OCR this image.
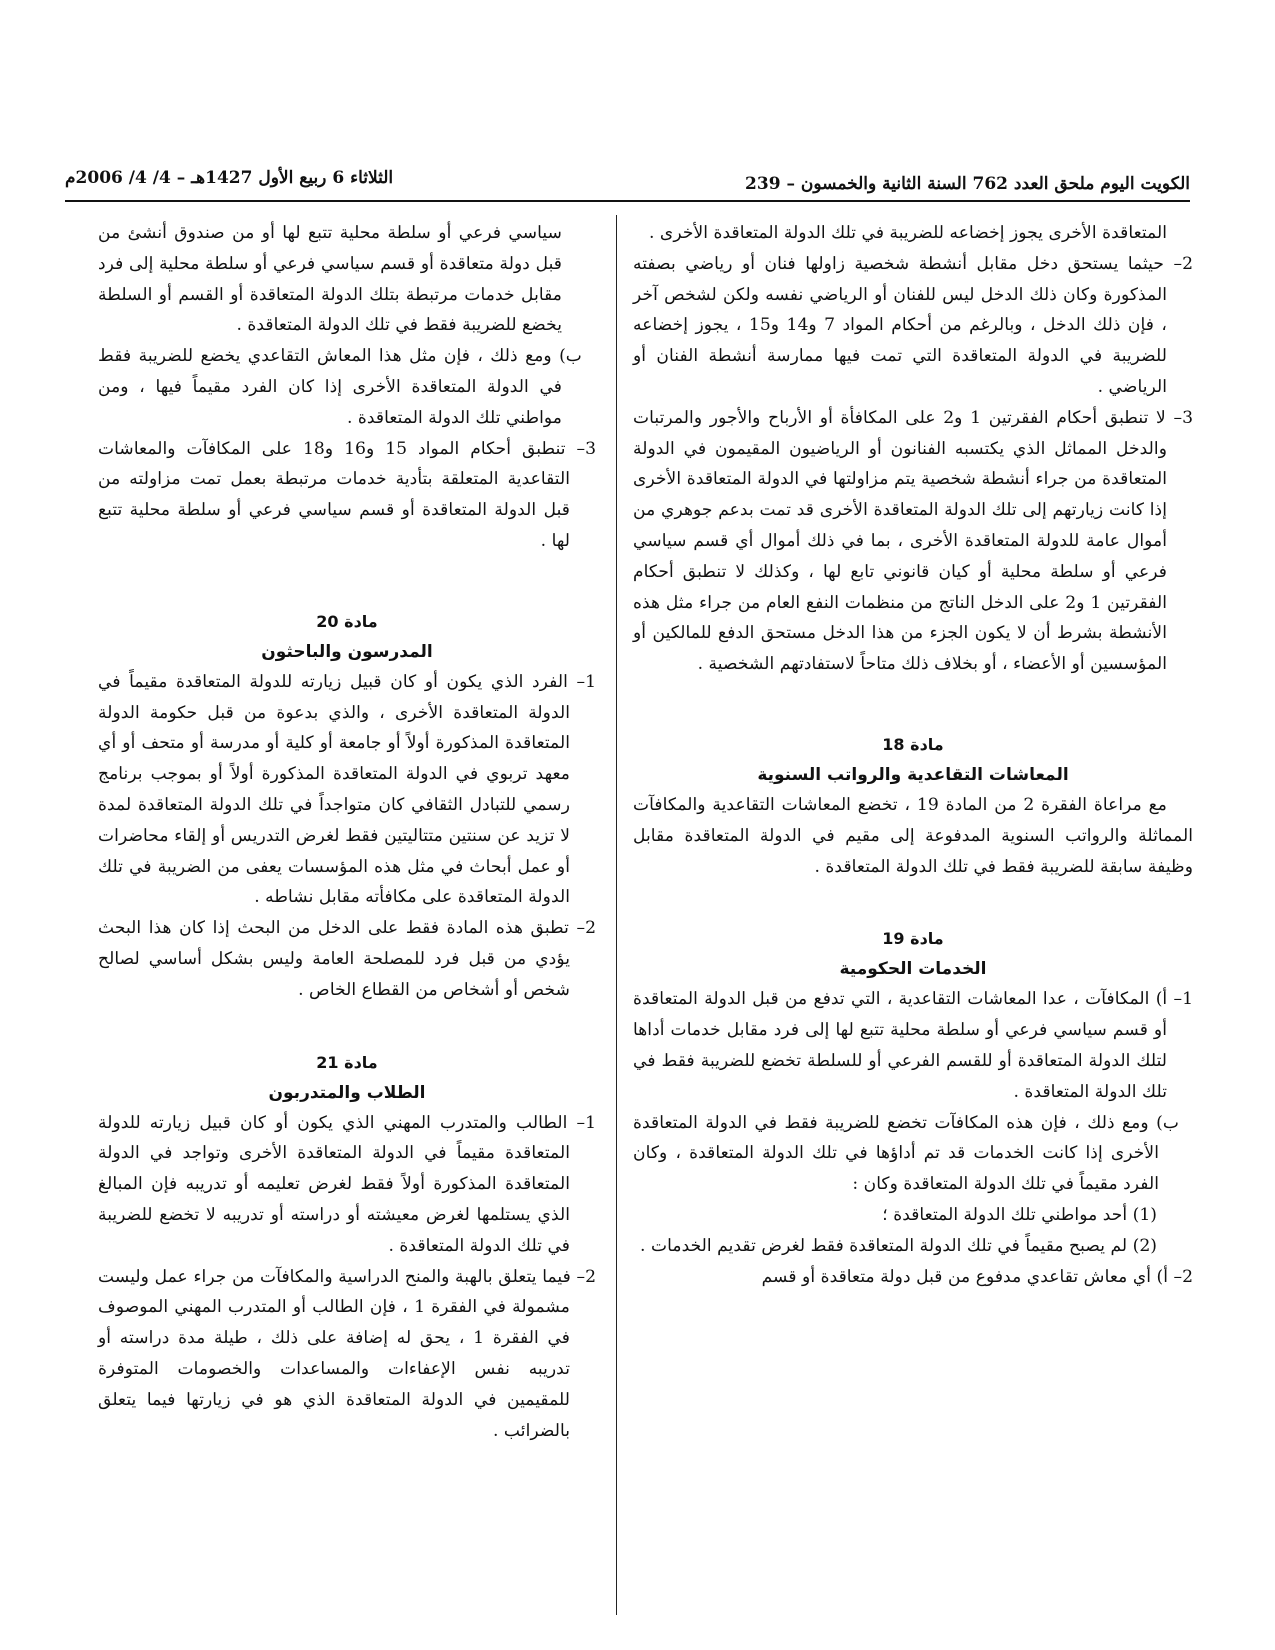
الكويت اليوم ملحق العدد 762 السنة الثانية والخمسون – 239
الثلاثاء 6 ربيع الأول 1427هـ – 4/ 4/ 2006م

المتعاقدة الأخرى يجوز إخضاعه للضريبة في تلك الدولة المتعاقدة الأخرى .

2– حيثما يستحق دخل مقابل أنشطة شخصية زاولها فنان أو رياضي بصفته المذكورة وكان ذلك الدخل ليس للفنان أو الرياضي نفسه ولكن لشخص آخر ، فإن ذلك الدخل ، وبالرغم من أحكام المواد 7 و14 و15 ، يجوز إخضاعه للضريبة في الدولة المتعاقدة التي تمت فيها ممارسة أنشطة الفنان أو الرياضي .

3– لا تنطبق أحكام الفقرتين 1 و2 على المكافأة أو الأرباح والأجور والمرتبات والدخل المماثل الذي يكتسبه الفنانون أو الرياضيون المقيمون في الدولة المتعاقدة من جراء أنشطة شخصية يتم مزاولتها في الدولة المتعاقدة الأخرى إذا كانت زيارتهم إلى تلك الدولة المتعاقدة الأخرى قد تمت بدعم جوهري من أموال عامة للدولة المتعاقدة الأخرى ، بما في ذلك أموال أي قسم سياسي فرعي أو سلطة محلية أو كيان قانوني تابع لها ، وكذلك لا تنطبق أحكام الفقرتين 1 و2 على الدخل الناتج من منظمات النفع العام من جراء مثل هذه الأنشطة بشرط أن لا يكون الجزء من هذا الدخل مستحق الدفع للمالكين أو المؤسسين أو الأعضاء ، أو بخلاف ذلك متاحاً لاستفادتهم الشخصية .

مادة 18

المعاشات التقاعدية والرواتب السنوية

مع مراعاة الفقرة 2 من المادة 19 ، تخضع المعاشات التقاعدية والمكافآت المماثلة والرواتب السنوية المدفوعة إلى مقيم في الدولة المتعاقدة مقابل وظيفة سابقة للضريبة فقط في تلك الدولة المتعاقدة .

مادة 19

الخدمات الحكومية

1– أ) المكافآت ، عدا المعاشات التقاعدية ، التي تدفع من قبل الدولة المتعاقدة أو قسم سياسي فرعي أو سلطة محلية تتبع لها إلى فرد مقابل خدمات أداها لتلك الدولة المتعاقدة أو للقسم الفرعي أو للسلطة تخضع للضريبة فقط في تلك الدولة المتعاقدة .

ب) ومع ذلك ، فإن هذه المكافآت تخضع للضريبة فقط في الدولة المتعاقدة الأخرى إذا كانت الخدمات قد تم أداؤها في تلك الدولة المتعاقدة ، وكان الفرد مقيماً في تلك الدولة المتعاقدة وكان :

(1) أحد مواطني تلك الدولة المتعاقدة ؛

(2) لم يصبح مقيماً في تلك الدولة المتعاقدة فقط لغرض تقديم الخدمات .

2– أ) أي معاش تقاعدي مدفوع من قبل دولة متعاقدة أو قسم

سياسي فرعي أو سلطة محلية تتبع لها أو من صندوق أنشئ من قبل دولة متعاقدة أو قسم سياسي فرعي أو سلطة محلية إلى فرد مقابل خدمات مرتبطة بتلك الدولة المتعاقدة أو القسم أو السلطة يخضع للضريبة فقط في تلك الدولة المتعاقدة .

ب) ومع ذلك ، فإن مثل هذا المعاش التقاعدي يخضع للضريبة فقط في الدولة المتعاقدة الأخرى إذا كان الفرد مقيماً فيها ، ومن مواطني تلك الدولة المتعاقدة .

3– تنطبق أحكام المواد 15 و16 و18 على المكافآت والمعاشات التقاعدية المتعلقة بتأدية خدمات مرتبطة بعمل تمت مزاولته من قبل الدولة المتعاقدة أو قسم سياسي فرعي أو سلطة محلية تتبع لها .

مادة 20

المدرسون والباحثون

1– الفرد الذي يكون أو كان قبيل زيارته للدولة المتعاقدة مقيماً في الدولة المتعاقدة الأخرى ، والذي بدعوة من قبل حكومة الدولة المتعاقدة المذكورة أولاً أو جامعة أو كلية أو مدرسة أو متحف أو أي معهد تربوي في الدولة المتعاقدة المذكورة أولاً أو بموجب برنامج رسمي للتبادل الثقافي كان متواجداً في تلك الدولة المتعاقدة لمدة لا تزيد عن سنتين متتاليتين فقط لغرض التدريس أو إلقاء محاضرات أو عمل أبحاث في مثل هذه المؤسسات يعفى من الضريبة في تلك الدولة المتعاقدة على مكافأته مقابل نشاطه .

2– تطبق هذه المادة فقط على الدخل من البحث إذا كان هذا البحث يؤدي من قبل فرد للمصلحة العامة وليس بشكل أساسي لصالح شخص أو أشخاص من القطاع الخاص .

مادة 21

الطلاب والمتدربون

1– الطالب والمتدرب المهني الذي يكون أو كان قبيل زيارته للدولة المتعاقدة مقيماً في الدولة المتعاقدة الأخرى وتواجد في الدولة المتعاقدة المذكورة أولاً فقط لغرض تعليمه أو تدريبه فإن المبالغ الذي يستلمها لغرض معيشته أو دراسته أو تدريبه لا تخضع للضريبة في تلك الدولة المتعاقدة .

2– فيما يتعلق بالهبة والمنح الدراسية والمكافآت من جراء عمل وليست مشمولة في الفقرة 1 ، فإن الطالب أو المتدرب المهني الموصوف في الفقرة 1 ، يحق له إضافة على ذلك ، طيلة مدة دراسته أو تدريبه نفس الإعفاءات والمساعدات والخصومات المتوفرة للمقيمين في الدولة المتعاقدة الذي هو في زيارتها فيما يتعلق بالضرائب .
